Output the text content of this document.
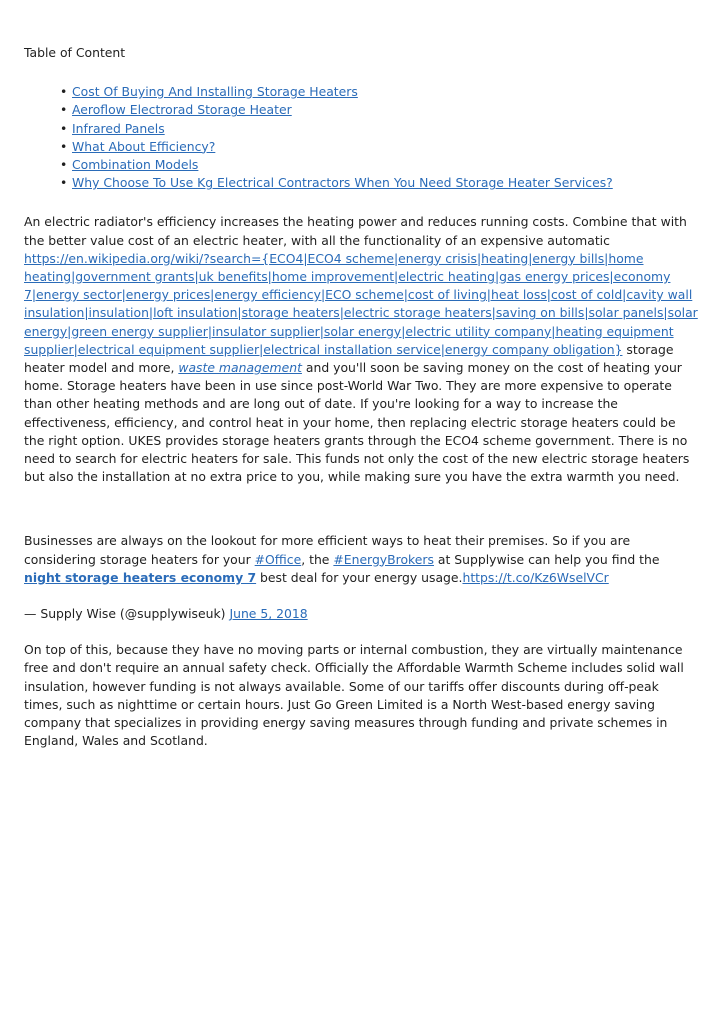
Table of Content

• Cost Of Buying And Installing Storage Heaters
• Aeroflow Electrorad Storage Heater
• Infrared Panels
• What About Efficiency?
• Combination Models
• Why Choose To Use Kg Electrical Contractors When You Need Storage Heater Services?

An electric radiator's efficiency increases the heating power and reduces running costs. Combine that with the better value cost of an electric heater, with all the functionality of an expensive automatic https://en.wikipedia.org/wiki/?search={ECO4|ECO4 scheme|energy crisis|heating|energy bills|home heating|government grants|uk benefits|home improvement|electric heating|gas energy prices|economy 7|energy sector|energy prices|energy efficiency|ECO scheme|cost of living|heat loss|cost of cold|cavity wall insulation|insulation|loft insulation|storage heaters|electric storage heaters|saving on bills|solar panels|solar energy|green energy supplier|insulator supplier|solar energy|electric utility company|heating equipment supplier|electrical equipment supplier|electrical installation service|energy company obligation} storage heater model and more, waste management and you'll soon be saving money on the cost of heating your home. Storage heaters have been in use since post-World War Two. They are more expensive to operate than other heating methods and are long out of date. If you're looking for a way to increase the effectiveness, efficiency, and control heat in your home, then replacing electric storage heaters could be the right option. UKES provides storage heaters grants through the ECO4 scheme government. There is no need to search for electric heaters for sale. This funds not only the cost of the new electric storage heaters but also the installation at no extra price to you, while making sure you have the extra warmth you need.

Businesses are always on the lookout for more efficient ways to heat their premises. So if you are considering storage heaters for your #Office, the #EnergyBrokers at Supplywise can help you find the night storage heaters economy 7 best deal for your energy usage.https://t.co/Kz6WselVCr

— Supply Wise (@supplywiseuk) June 5, 2018

On top of this, because they have no moving parts or internal combustion, they are virtually maintenance free and don't require an annual safety check. Officially the Affordable Warmth Scheme includes solid wall insulation, however funding is not always available. Some of our tariffs offer discounts during off-peak times, such as nighttime or certain hours. Just Go Green Limited is a North West-based energy saving company that specializes in providing energy saving measures through funding and private schemes in England, Wales and Scotland.
